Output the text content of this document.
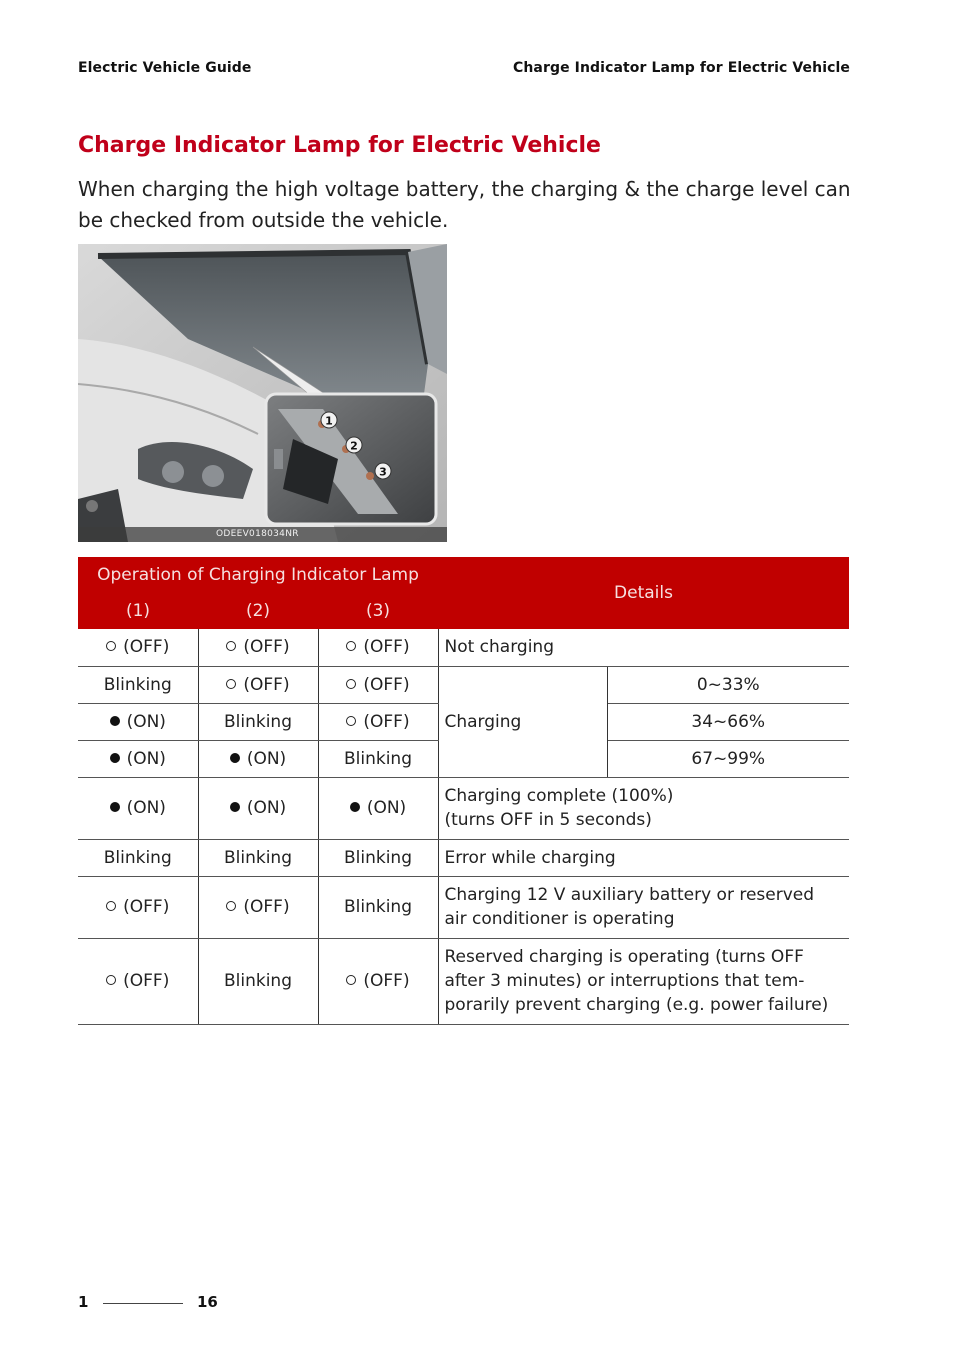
Electric Vehicle Guide	Charge Indicator Lamp for Electric Vehicle
Charge Indicator Lamp for Electric Vehicle
When charging the high voltage battery, the charging & the charge level can be checked from outside the vehicle.
1
2
3
ODEEV018034NR
Operation of Charging Indicator Lamp			Details	
(1)	(2)	(3)		
(OFF)	(OFF)	(OFF)	Not charging	
Blinking	(OFF)	(OFF)	Charging	0~33%
(ON)	Blinking	(OFF)		34~66%
(ON)	(ON)	Blinking		67~99%
(ON)	(ON)	(ON)	Charging complete (100%)
(turns OFF in 5 seconds)	
Blinking	Blinking	Blinking	Error while charging	
(OFF)	(OFF)	Blinking	Charging 12 V auxiliary battery or reserved
air conditioner is operating	
(OFF)	Blinking	(OFF)	Reserved charging is operating (turns OFF
after 3 minutes) or interruptions that tem-
porarily prevent charging (e.g. power failure)	
1	16
